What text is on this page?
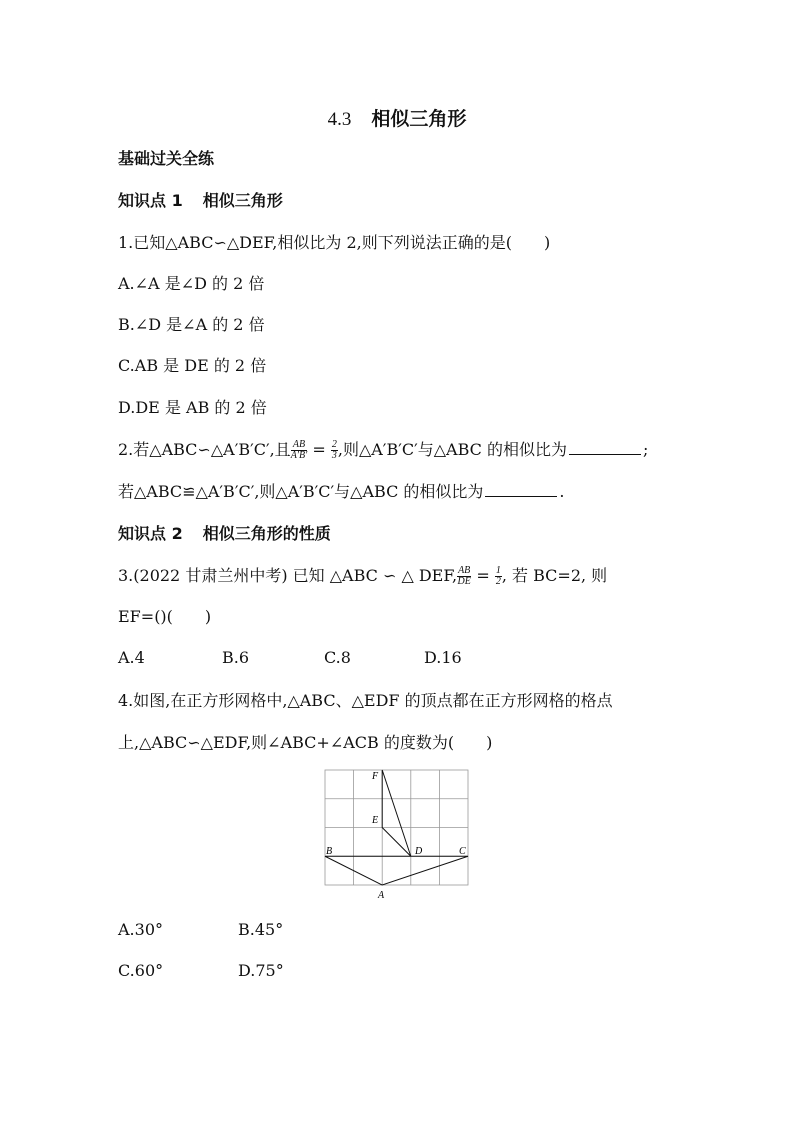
4.3 相似三角形
基础过关全练
知识点 1 相似三角形
1.已知△ABC∽△DEF,相似比为 2,则下列说法正确的是(　　)
A.∠A 是∠D 的 2 倍
B.∠D 是∠A 的 2 倍
C.AB 是 DE 的 2 倍
D.DE 是 AB 的 2 倍
2.若△ABC∽△A′B′C′,且 $\frac{AB}{A'B'} = \frac{2}{3}$ ,则△A′B′C′与△ABC 的相似比为	;
若△ABC≌△A′B′C′,则△A′B′C′与△ABC 的相似比为	.
知识点 2 相似三角形的性质
3.(2022 甘肃兰州中考) 已知 △ABC ∽ △ DEF, $\frac{AB}{DE} = \frac{1}{2}$ , 若 BC=2, 则
EF=()(　　)
A.4	B.6	C.8	D.16
4.如图,在正方形网格中,△ABC、△EDF 的顶点都在正方形网格的格点
上,△ABC∽△EDF,则∠ABC+∠ACB 的度数为(　　)
F
E
D
B	C
A
A.30°	B.45°
C.60°	D.75°
